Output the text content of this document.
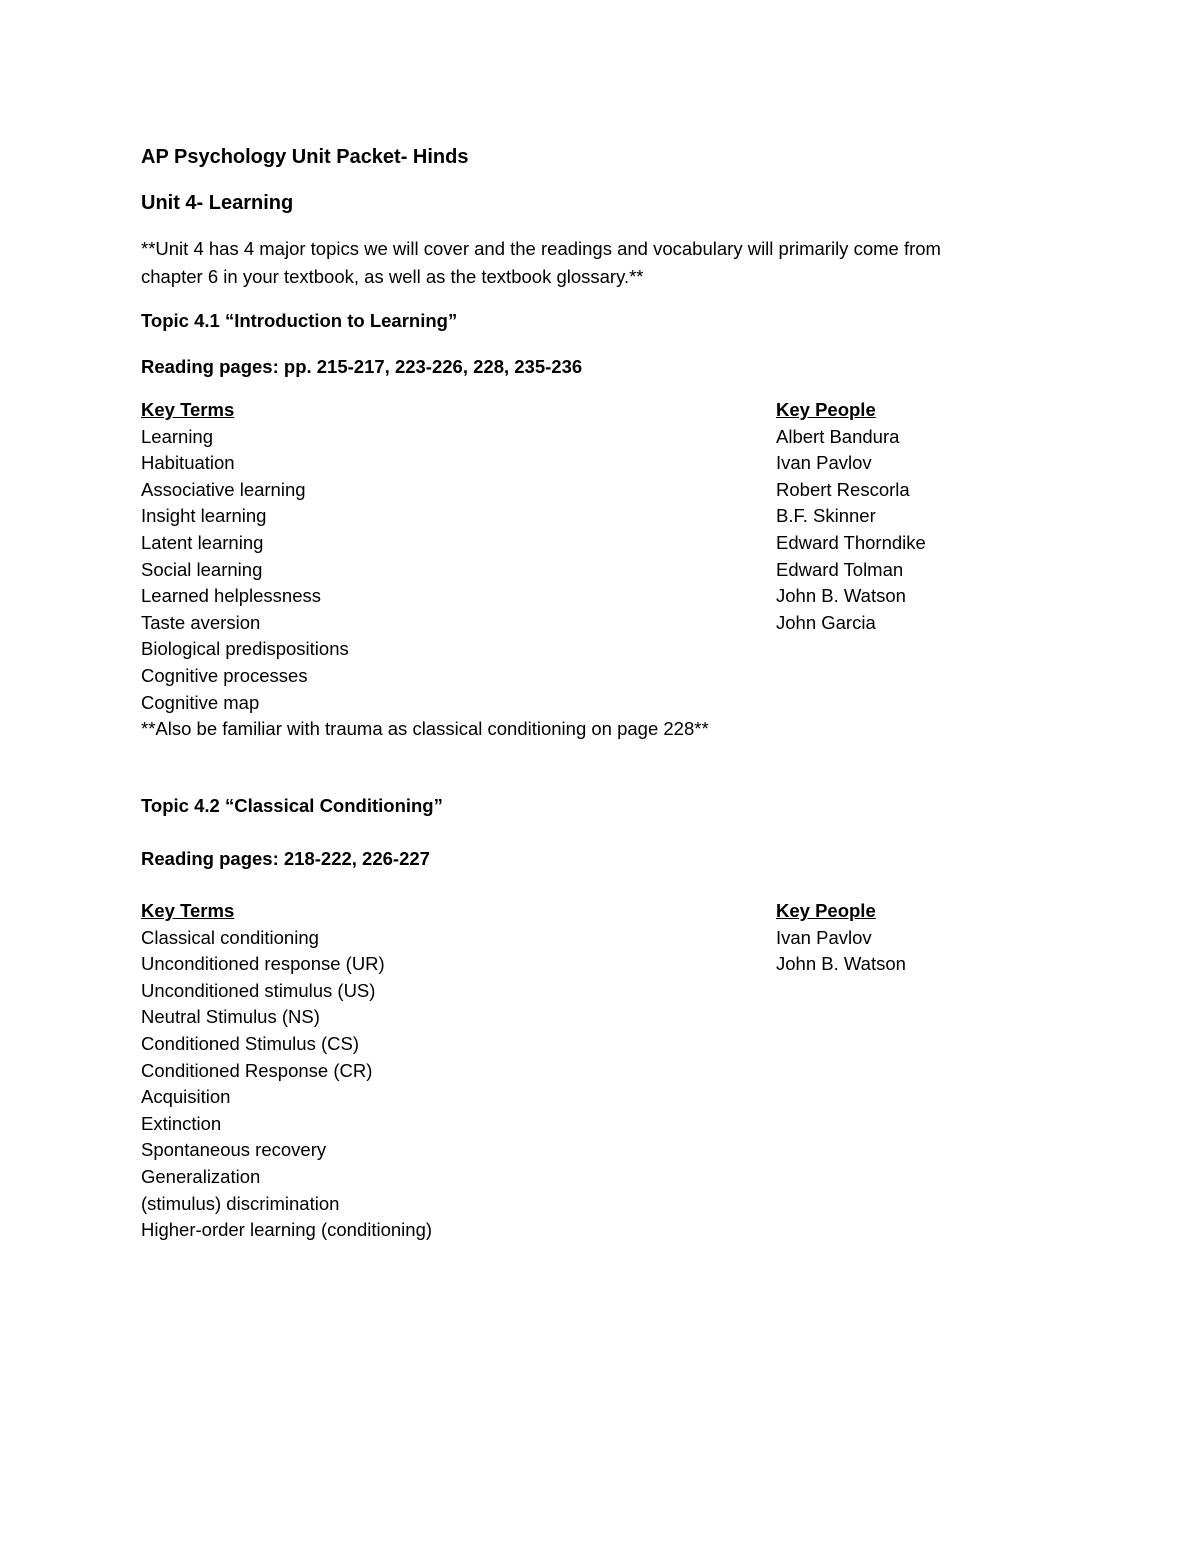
AP Psychology Unit Packet- Hinds
Unit 4- Learning
**Unit 4 has 4 major topics we will cover and the readings and vocabulary will primarily come from
chapter 6 in your textbook, as well as the textbook glossary.**
Topic 4.1 “Introduction to Learning”
Reading pages: pp. 215-217, 223-226, 228, 235-236
Key Terms
Learning
Habituation
Associative learning
Insight learning
Latent learning
Social learning
Learned helplessness
Taste aversion
Biological predispositions
Cognitive processes
Cognitive map
**Also be familiar with trauma as classical conditioning on page 228**
Key People
Albert Bandura
Ivan Pavlov
Robert Rescorla
B.F. Skinner
Edward Thorndike
Edward Tolman
John B. Watson
John Garcia
Topic 4.2 “Classical Conditioning”
Reading pages: 218-222, 226-227
Key Terms
Classical conditioning
Unconditioned response (UR)
Unconditioned stimulus (US)
Neutral Stimulus (NS)
Conditioned Stimulus (CS)
Conditioned Response (CR)
Acquisition
Extinction
Spontaneous recovery
Generalization
(stimulus) discrimination
Higher-order learning (conditioning)
Key People
Ivan Pavlov
John B. Watson
